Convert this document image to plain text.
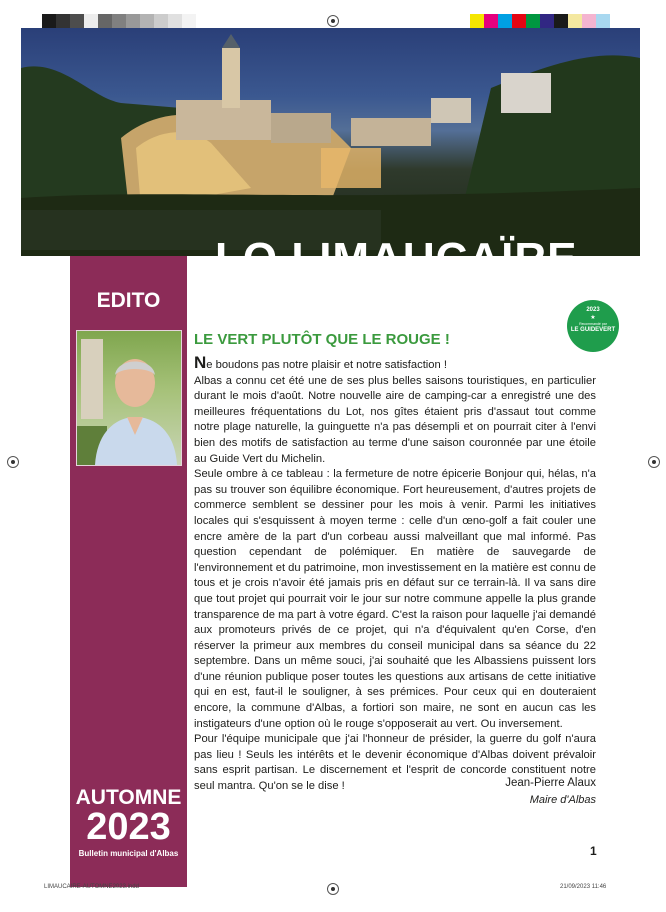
LO LIMAUCAÏRE
EDITO
AUTOMNE
2023
Bulletin municipal d'Albas
2023
★
Recommandé par
LE GUIDEVERT
LE VERT PLUTÔT QUE LE ROUGE !

Ne boudons pas notre plaisir et notre satisfaction !

Albas a connu cet été une de ses plus belles saisons touristiques, en particulier durant le mois d'août. Notre nouvelle aire de camping-car a enregistré une des meilleures fréquentations du Lot, nos gîtes étaient pris d'assaut tout comme notre plage naturelle, la guinguette n'a pas désempli et on pourrait citer à l'envi bien des motifs de satisfaction au terme d'une saison couronnée par une étoile au Guide Vert du Michelin.

Seule ombre à ce tableau : la fermeture de notre épicerie Bonjour qui, hélas, n'a pas su trouver son équilibre économique. Fort heureusement, d'autres projets de commerce semblent se dessiner pour les mois à venir. Parmi les initiatives locales qui s'esquissent à moyen terme : celle d'un œno-golf a fait couler une encre amère de la part d'un corbeau aussi malveillant que mal informé. Pas question cependant de polémiquer. En matière de sauvegarde de l'environnement et du patrimoine, mon investissement en la matière est connu de tous et je crois n'avoir été jamais pris en défaut sur ce terrain-là. Il va sans dire que tout projet qui pourrait voir le jour sur notre commune appelle la plus grande transparence de ma part à votre égard. C'est la raison pour laquelle j'ai demandé aux promoteurs privés de ce projet, qui n'a d'équivalent qu'en Corse, d'en réserver la primeur aux membres du conseil municipal dans sa séance du 22 septembre. Dans un même souci, j'ai souhaité que les Albassiens puissent lors d'une réunion publique poser toutes les questions aux artisans de cette initiative qui en est, faut-il le souligner, à ses prémices. Pour ceux qui en douteraient encore, la commune d'Albas, a fortiori son maire, ne sont en aucun cas les instigateurs d'une option où le rouge s'opposerait au vert. Ou inversement.

Pour l'équipe municipale que j'ai l'honneur de présider, la guerre du golf n'aura pas lieu ! Seuls les intérêts et le devenir économique d'Albas doivent prévaloir sans esprit partisan. Le discernement et l'esprit de concorde constituent notre seul mantra. Qu'on se le dise !	Jean-Pierre Alaux
Maire d'Albas
1
LIMAUCAIRE-AUTOMNE2023.indd	21/09/2023 11:46
